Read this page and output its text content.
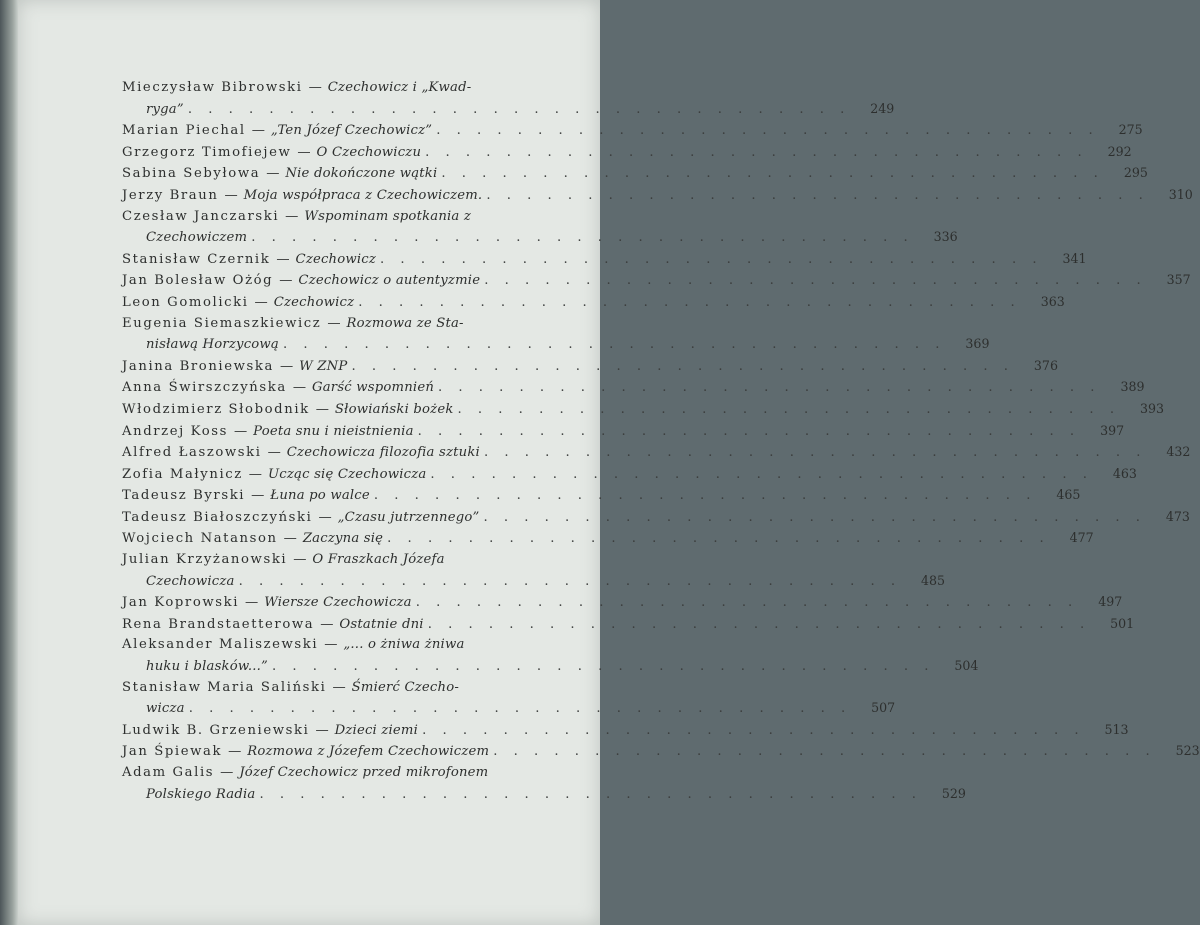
Mieczysław Bibrowski — Czechowicz i „Kwad-
ryga” . . . . . . . . . . . . . . . . . . . . . . . . . . . . . . . . .	249
Marian Piechal — „Ten Józef Czechowicz” . . . . . . . . . . . . . . . . . . . . . . . . . . . . . . . . .	275
Grzegorz Timofiejew — O Czechowiczu . . . . . . . . . . . . . . . . . . . . . . . . . . . . . . . . .	292
Sabina Sebyłowa — Nie dokończone wątki . . . . . . . . . . . . . . . . . . . . . . . . . . . . . . . . .	295
Jerzy Braun — Moja współpraca z Czechowiczem. . . . . . . . . . . . . . . . . . . . . . . . . . . . . . . . . .	310
Czesław Janczarski — Wspominam spotkania z
Czechowiczem . . . . . . . . . . . . . . . . . . . . . . . . . . . . . . . . .	336
Stanisław Czernik — Czechowicz . . . . . . . . . . . . . . . . . . . . . . . . . . . . . . . . .	341
Jan Bolesław Ożóg — Czechowicz o autentyzmie . . . . . . . . . . . . . . . . . . . . . . . . . . . . . . . . .	357
Leon Gomolicki — Czechowicz . . . . . . . . . . . . . . . . . . . . . . . . . . . . . . . . .	363
Eugenia Siemaszkiewicz — Rozmowa ze Sta-
nisławą Horzycową . . . . . . . . . . . . . . . . . . . . . . . . . . . . . . . . .	369
Janina Broniewska — W ZNP . . . . . . . . . . . . . . . . . . . . . . . . . . . . . . . . .	376
Anna Świrszczyńska — Garść wspomnień . . . . . . . . . . . . . . . . . . . . . . . . . . . . . . . . .	389
Włodzimierz Słobodnik — Słowiański bożek . . . . . . . . . . . . . . . . . . . . . . . . . . . . . . . . .	393
Andrzej Koss — Poeta snu i nieistnienia . . . . . . . . . . . . . . . . . . . . . . . . . . . . . . . . .	397
Alfred Łaszowski — Czechowicza filozofia sztuki . . . . . . . . . . . . . . . . . . . . . . . . . . . . . . . . .	432
Zofia Małynicz — Ucząc się Czechowicza . . . . . . . . . . . . . . . . . . . . . . . . . . . . . . . . .	463
Tadeusz Byrski — Łuna po walce . . . . . . . . . . . . . . . . . . . . . . . . . . . . . . . . .	465
Tadeusz Białoszczyński — „Czasu jutrzennego” . . . . . . . . . . . . . . . . . . . . . . . . . . . . . . . . .	473
Wojciech Natanson — Zaczyna się . . . . . . . . . . . . . . . . . . . . . . . . . . . . . . . . .	477
Julian Krzyżanowski — O Fraszkach Józefa
Czechowicza . . . . . . . . . . . . . . . . . . . . . . . . . . . . . . . . .	485
Jan Koprowski — Wiersze Czechowicza . . . . . . . . . . . . . . . . . . . . . . . . . . . . . . . . .	497
Rena Brandstaetterowa — Ostatnie dni . . . . . . . . . . . . . . . . . . . . . . . . . . . . . . . . .	501
Aleksander Maliszewski — „... o żniwa żniwa
huku i blasków...” . . . . . . . . . . . . . . . . . . . . . . . . . . . . . . . . .	504
Stanisław Maria Saliński — Śmierć Czecho-
wicza . . . . . . . . . . . . . . . . . . . . . . . . . . . . . . . . .	507
Ludwik B. Grzeniewski — Dzieci ziemi . . . . . . . . . . . . . . . . . . . . . . . . . . . . . . . . .	513
Jan Śpiewak — Rozmowa z Józefem Czechowiczem . . . . . . . . . . . . . . . . . . . . . . . . . . . . . . . . .	523
Adam Galis — Józef Czechowicz przed mikrofonem
Polskiego Radia . . . . . . . . . . . . . . . . . . . . . . . . . . . . . . . . .	529
